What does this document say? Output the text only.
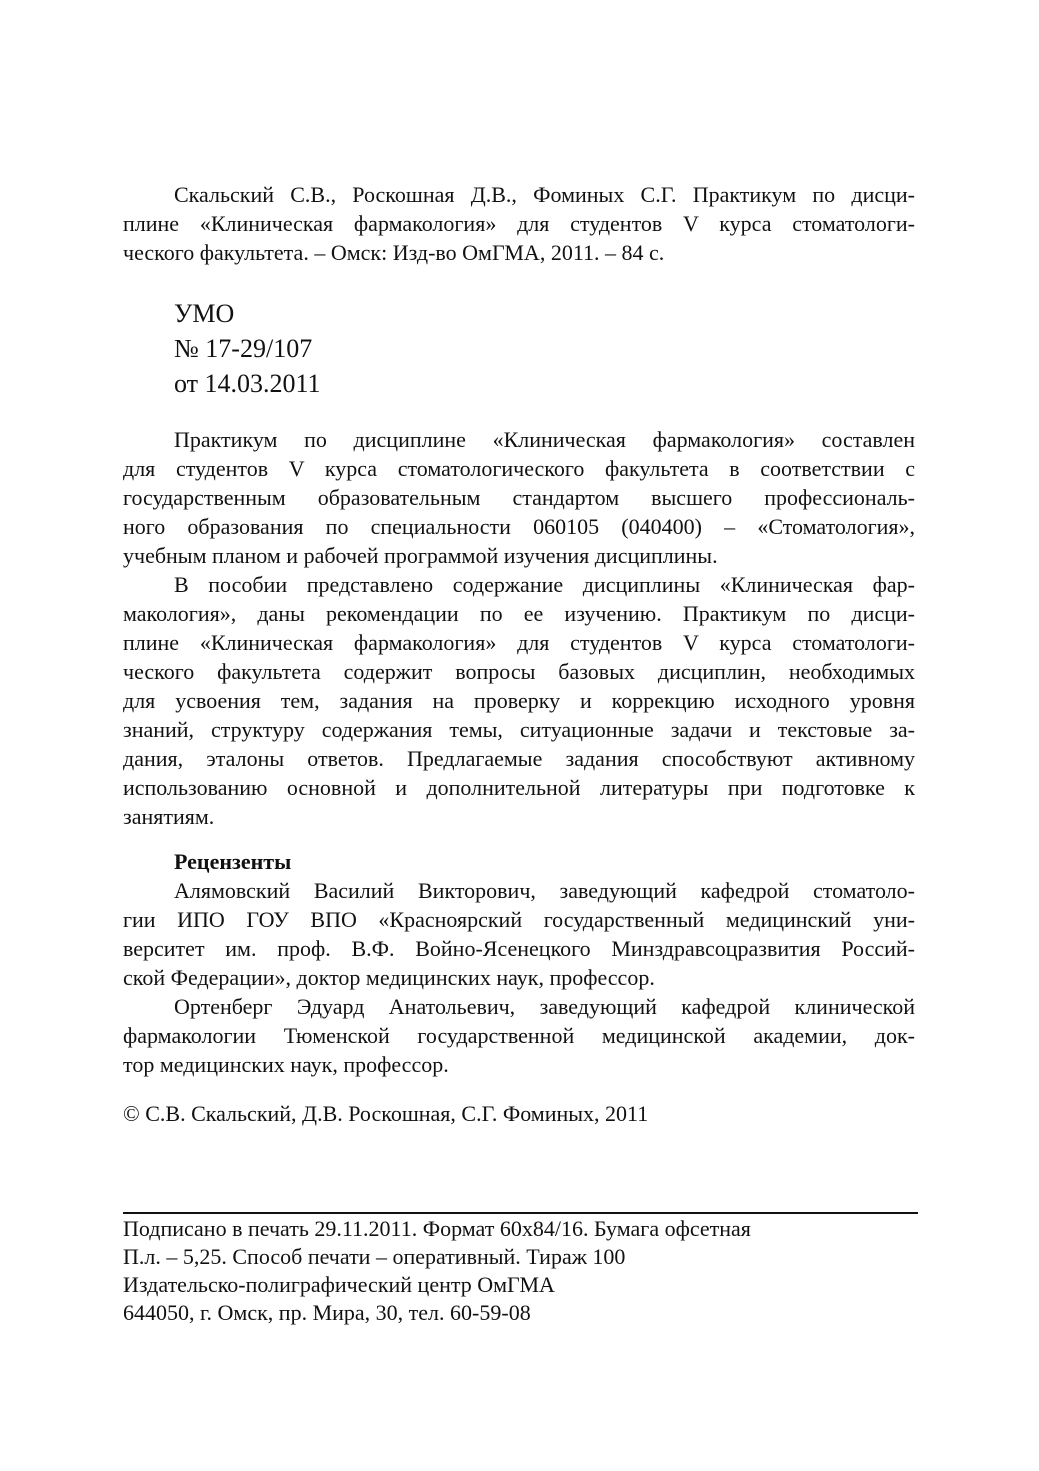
Скальский С.В., Роскошная Д.В., Фоминых С.Г. Практикум по дисци-
плине «Клиническая фармакология» для студентов V курса стоматологи-
ческого факультета. – Омск: Изд-во ОмГМА, 2011. – 84 с.
УМО
№ 17-29/107
от 14.03.2011
Практикум по дисциплине «Клиническая фармакология» составлен
для студентов V курса стоматологического факультета в соответствии с
государственным образовательным стандартом высшего профессиональ-
ного образования по специальности 060105 (040400) – «Стоматология»,
учебным планом и рабочей программой изучения дисциплины.
В пособии представлено содержание дисциплины «Клиническая фар-
макология», даны рекомендации по ее изучению. Практикум по дисци-
плине «Клиническая фармакология» для студентов V курса стоматологи-
ческого факультета содержит вопросы базовых дисциплин, необходимых
для усвоения тем, задания на проверку и коррекцию исходного уровня
знаний, структуру содержания темы, ситуационные задачи и текстовые за-
дания, эталоны ответов. Предлагаемые задания способствуют активному
использованию основной и дополнительной литературы при подготовке к
занятиям.
Рецензенты
Алямовский Василий Викторович, заведующий кафедрой стоматоло-
гии ИПО ГОУ ВПО «Красноярский государственный медицинский уни-
верситет им. проф. В.Ф. Войно-Ясенецкого Минздравсоцразвития Россий-
ской Федерации», доктор медицинских наук, профессор.
Ортенберг Эдуард Анатольевич, заведующий кафедрой клинической
фармакологии Тюменской государственной медицинской академии, док-
тор медицинских наук, профессор.
© С.В. Скальский, Д.В. Роскошная, С.Г. Фоминых, 2011
Подписано в печать 29.11.2011. Формат 60х84/16. Бумага офсетная
П.л. – 5,25. Способ печати – оперативный. Тираж 100
Издательско-полиграфический центр ОмГМА
644050, г. Омск, пр. Мира, 30, тел. 60-59-08
